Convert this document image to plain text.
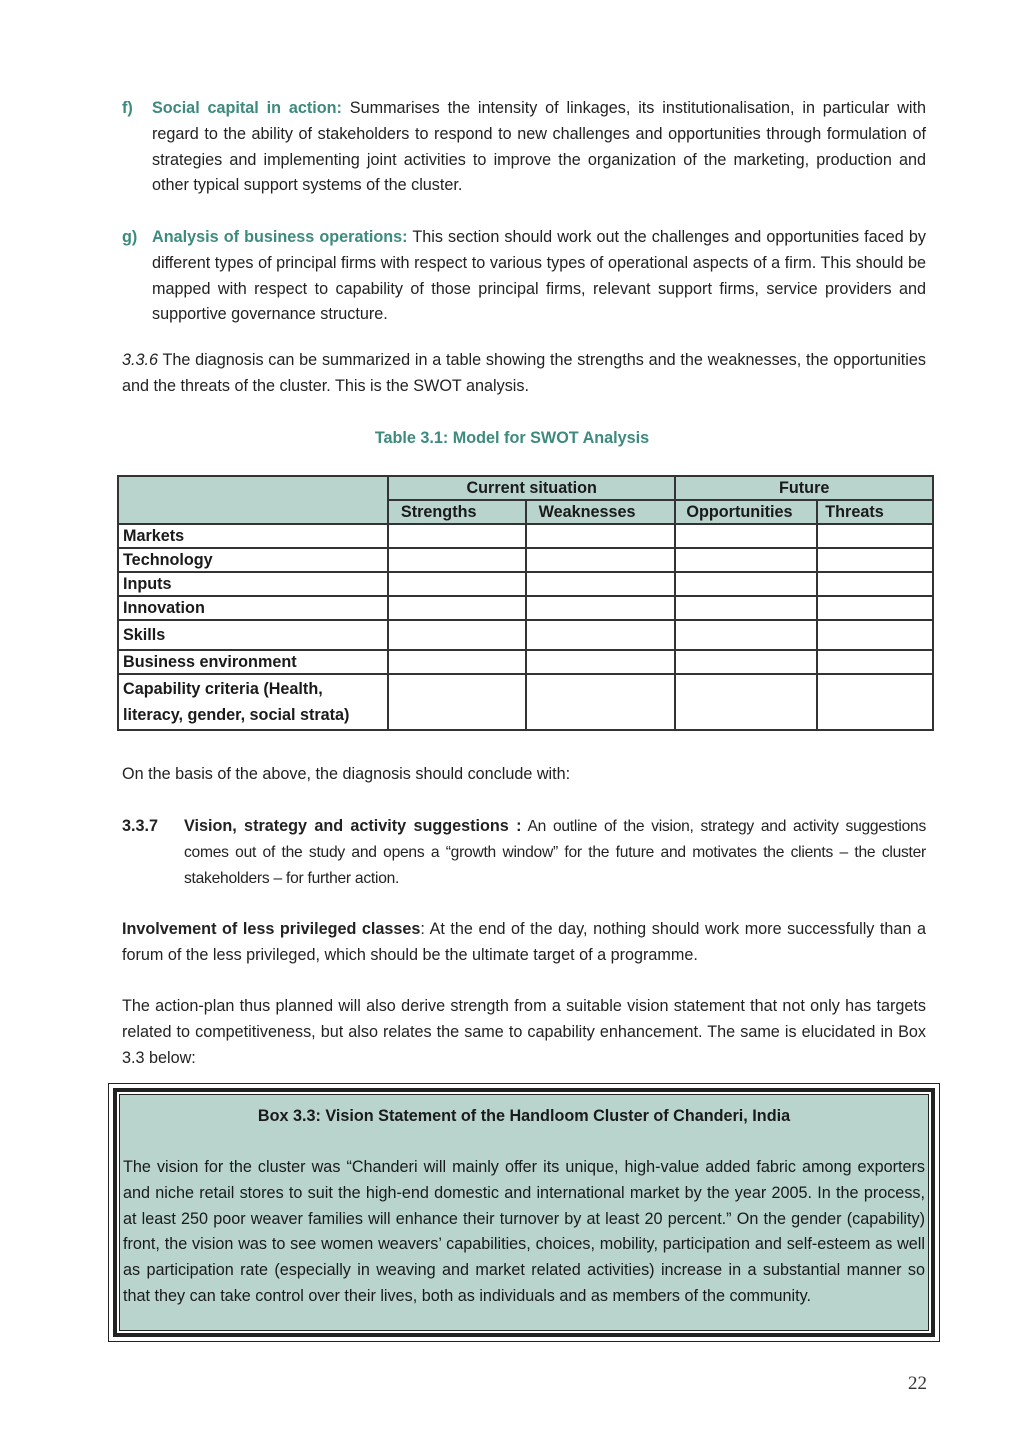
f) Social capital in action: Summarises the intensity of linkages, its institutionalisation, in particular with regard to the ability of stakeholders to respond to new challenges and opportunities through formulation of strategies and implementing joint activities to improve the organization of the marketing, production and other typical support systems of the cluster.

g) Analysis of business operations: This section should work out the challenges and opportunities faced by different types of principal firms with respect to various types of operational aspects of a firm. This should be mapped with respect to capability of those principal firms, relevant support firms, service providers and supportive governance structure.

3.3.6 The diagnosis can be summarized in a table showing the strengths and the weaknesses, the opportunities and the threats of the cluster. This is the SWOT analysis.

Table 3.1: Model for SWOT Analysis
	Current situation		Future	
	Strengths	Weaknesses	Opportunities	Threats
Markets				
Technology				
Inputs				
Innovation				
Skills				
Business environment				
Capability criteria (Health, literacy, gender, social strata)				

On the basis of the above, the diagnosis should conclude with:

3.3.7 Vision, strategy and activity suggestions : An outline of the vision, strategy and activity suggestions comes out of the study and opens a “growth window” for the future and motivates the clients – the cluster stakeholders – for further action.

Involvement of less privileged classes: At the end of the day, nothing should work more successfully than a forum of the less privileged, which should be the ultimate target of a programme.

The action-plan thus planned will also derive strength from a suitable vision statement that not only has targets related to competitiveness, but also relates the same to capability enhancement. The same is elucidated in Box 3.3 below:

Box 3.3: Vision Statement of the Handloom Cluster of Chanderi, India

The vision for the cluster was “Chanderi will mainly offer its unique, high-value added fabric among exporters and niche retail stores to suit the high-end domestic and international market by the year 2005. In the process, at least 250 poor weaver families will enhance their turnover by at least 20 percent.” On the gender (capability) front, the vision was to see women weavers’ capabilities, choices, mobility, participation and self-esteem as well as participation rate (especially in weaving and market related activities) increase in a substantial manner so that they can take control over their lives, both as individuals and as members of the community.

22
